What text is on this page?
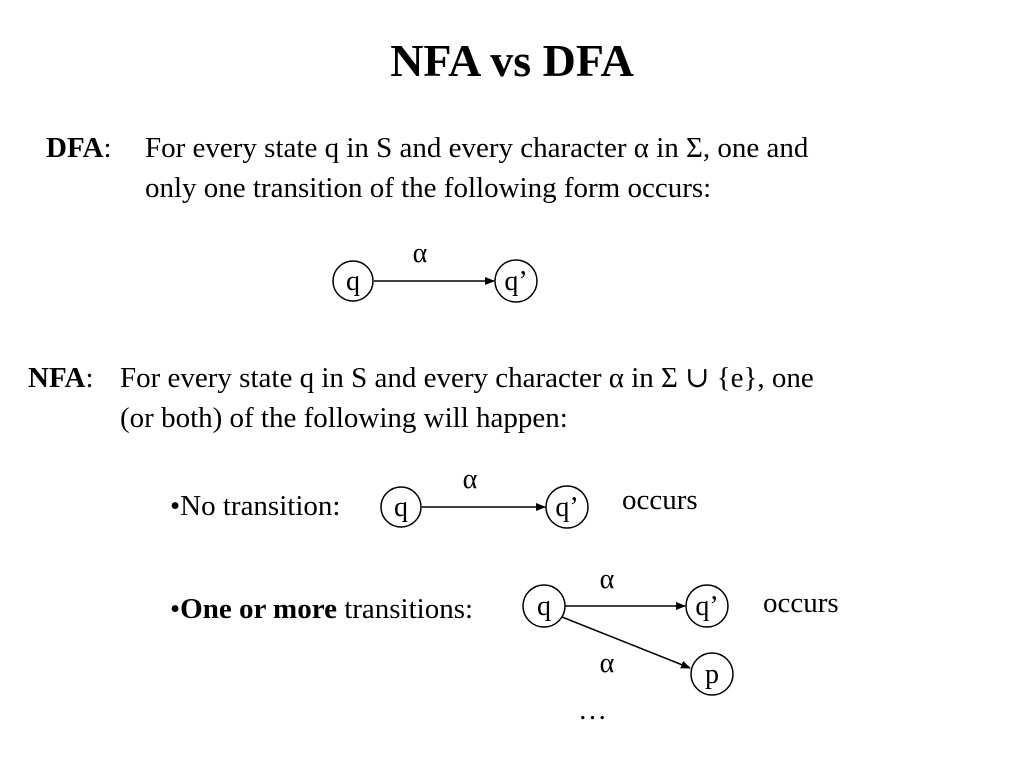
NFA vs DFA
DFA: For every state q in S and every character α in Σ, one and
only one transition of the following form occurs:
NFA: For every state q in S and every character α in Σ ∪ {e}, one
(or both) of the following will happen:
•No transition:	occurs
•One or more transitions:	occurs
…
α
q	q’
α
q	q’
α
α
q	q’
p
